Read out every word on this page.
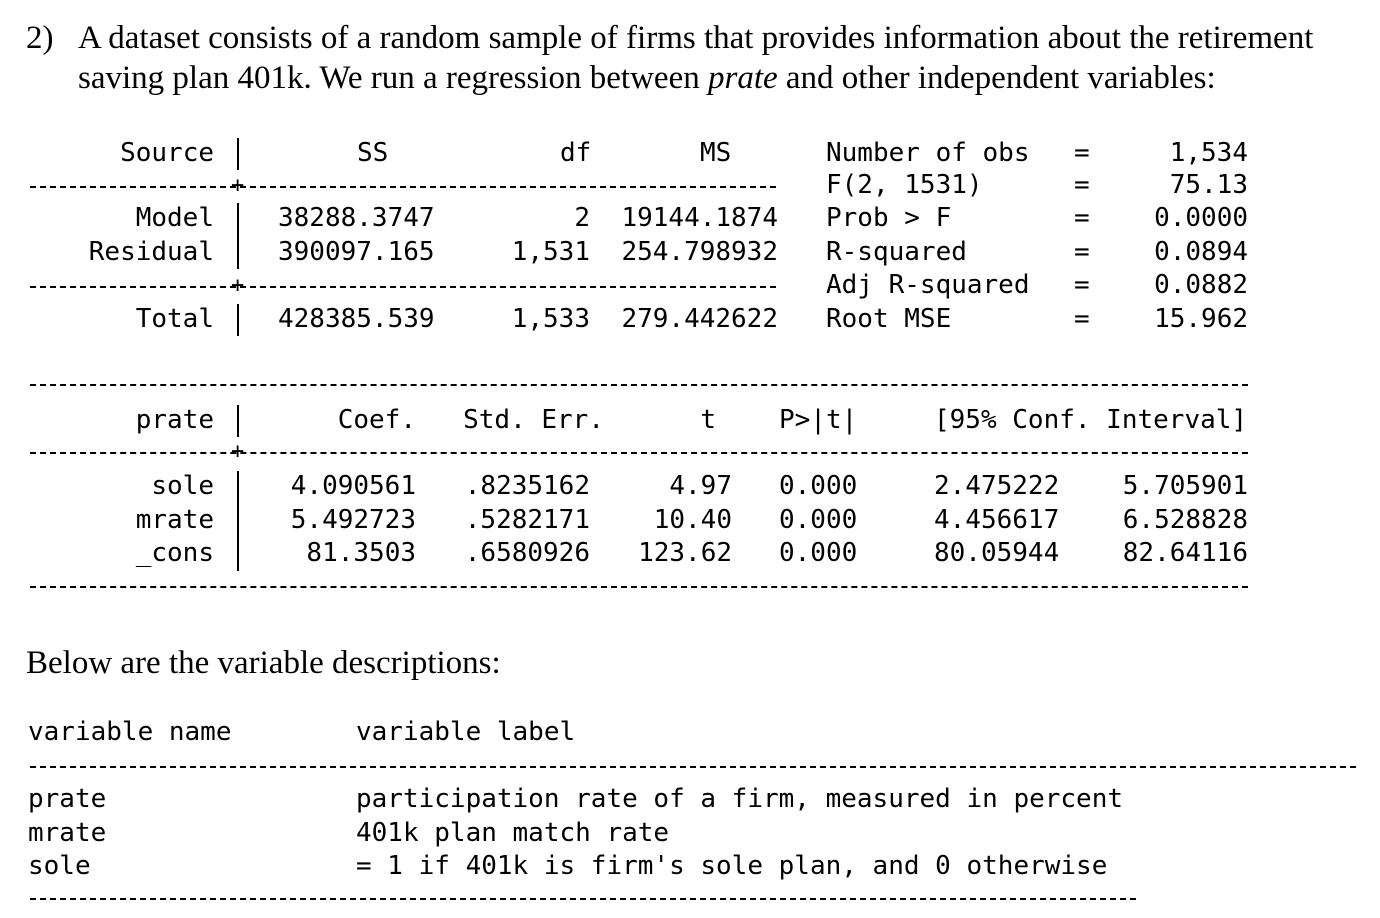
2) A dataset consists of a random sample of firms that provides information about the retirement
saving plan 401k. We run a regression between prate and other independent variables:
Source	SS	df	MS
+
Model 38288.3747	2	19144.1874
Residual 390097.165	1,531	254.798932
+
Total 428385.539	1,533	279.442622
Number of obs =	1,534
F(2, 1531)	=	75.13
Prob > F	=	0.0000
R-squared	=	0.0894
Adj R-squared =	0.0882
Root MSE	=	15.962
prate	Coef.	Std. Err.	t P>|t|	[95% Conf. Interval]
+
sole	4.090561	.8235162	4.97 0.000	2.475222	5.705901
mrate	5.492723	.5282171	10.40 0.000	4.456617	6.528828
_cons	81.3503	.6580926	123.62 0.000	80.05944	82.64116
Below are the variable descriptions:
variable name	variable label
prate	participation rate of a firm, measured in percent
mrate	401k plan match rate
sole	= 1 if 401k is firm's sole plan, and 0 otherwise
